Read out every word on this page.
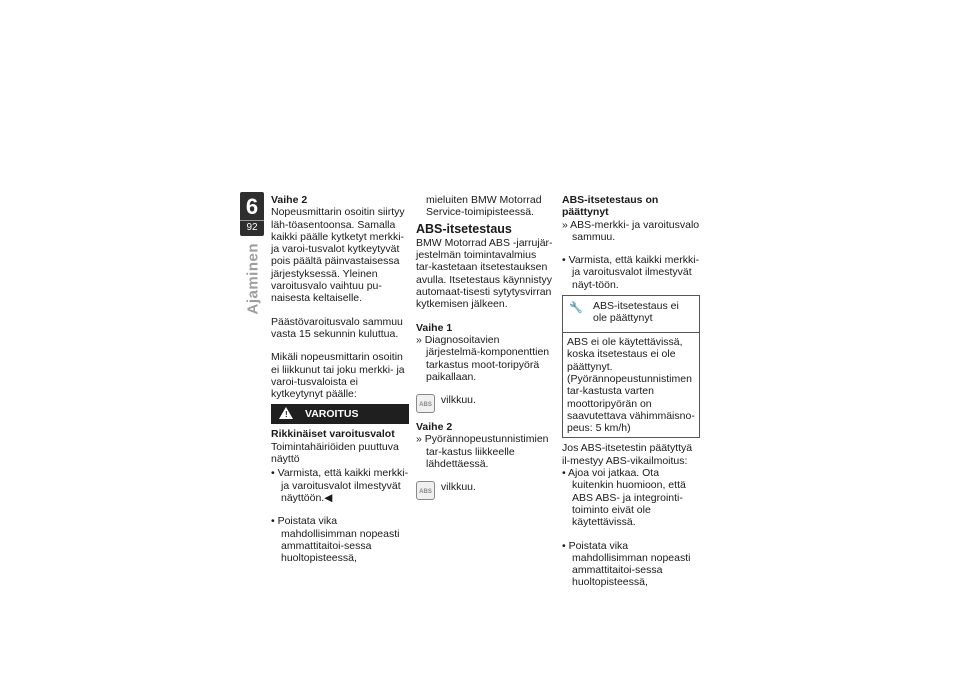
6
92
Ajaminen
Vaihe 2

Nopeusmittarin osoitin siirtyy läh-töasentoonsa. Samalla kaikki päälle kytketyt merkki- ja varoi-tusvalot kytkeytyvät pois päältä päinvastaisessa järjestyksessä. Yleinen varoitusvalo vaihtuu pu-naisesta keltaiselle.

Päästövaroitusvalo sammuu vasta 15 sekunnin kuluttua.

Mikäli nopeusmittarin osoitin ei liikkunut tai joku merkki- ja varoi-tusvaloista ei kytkeytynyt päälle:

! VAROITUS
Rikkinäiset varoitusvalot

Toimintahäiriöiden puuttuva näyttö

• Varmista, että kaikki merkki- ja varoitusvalot ilmestyvät näyttöön.◀

• Poistata vika mahdollisimman nopeasti ammattitaitoi-sessa huoltopisteessä,

mieluiten BMW Motorrad Service-toimipisteessä.

ABS-itsetestaus

BMW Motorrad ABS -jarrujär-jestelmän toimintavalmius tar-kastetaan itsetestauksen avulla. Itsetestaus käynnistyy automaat-tisesti sytytysvirran kytkemisen jälkeen.

Vaihe 1

» Diagnosoitavien järjestelmä-komponenttien tarkastus moot-toripyörä paikallaan.

ABS vilkkuu.
Vaihe 2

» Pyörännopeustunnistimien tar-kastus liikkeelle lähdettäessä.

ABS vilkkuu.
ABS-itsetestaus on päättynyt

» ABS-merkki- ja varoitusvalo sammuu.

• Varmista, että kaikki merkki- ja varoitusvalot ilmestyvät näyt-töön.

🔧 ABS-itsetestaus ei ole päättynyt
ABS ei ole käytettävissä, koska itsetestaus ei ole päättynyt. (Pyörännopeustunnistimen tar-kastusta varten moottoripyörän on saavutettava vähimmäisno-peus: 5 km/h)

Jos ABS-itsetestin päätyttyä il-mestyy ABS-vikailmoitus:

• Ajoa voi jatkaa. Ota kuitenkin huomioon, että ABS ABS- ja integrointi-toiminto eivät ole käytettävissä.

• Poistata vika mahdollisimman nopeasti ammattitaitoi-sessa huoltopisteessä,
